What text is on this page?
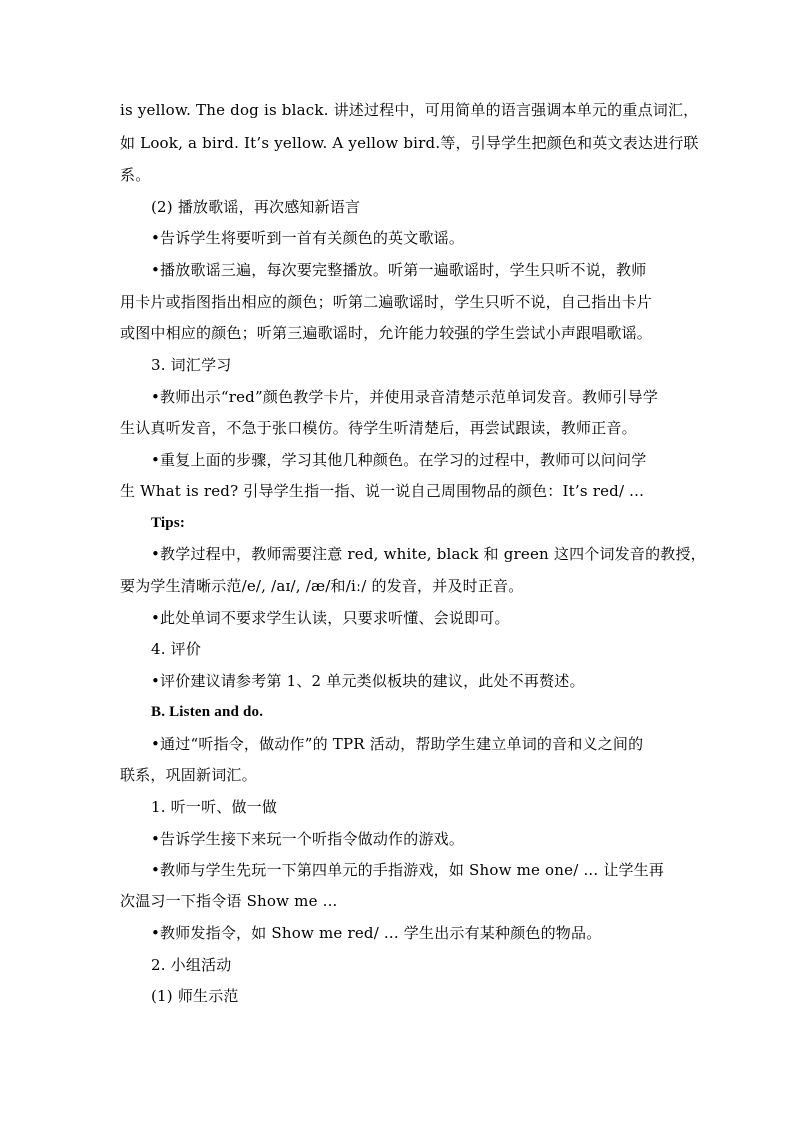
is yellow. The dog is black. 讲述过程中，可用简单的语言强调本单元的重点词汇，
如 Look, a bird. It’s yellow. A yellow bird.等，引导学生把颜色和英文表达进行联
系。
(2) 播放歌谣，再次感知新语言
•告诉学生将要听到一首有关颜色的英文歌谣。
•播放歌谣三遍，每次要完整播放。听第一遍歌谣时，学生只听不说，教师
用卡片或指图指出相应的颜色；听第二遍歌谣时，学生只听不说，自己指出卡片
或图中相应的颜色；听第三遍歌谣时，允许能力较强的学生尝试小声跟唱歌谣。
3. 词汇学习
•教师出示“red”颜色教学卡片，并使用录音清楚示范单词发音。教师引导学
生认真听发音，不急于张口模仿。待学生听清楚后，再尝试跟读，教师正音。
•重复上面的步骤，学习其他几种颜色。在学习的过程中，教师可以问问学
生 What is red? 引导学生指一指、说一说自己周围物品的颜色：It’s red/ ...
Tips:
•教学过程中，教师需要注意 red, white, black 和 green 这四个词发音的教授，
要为学生清晰示范/e/, /aɪ/, /æ/和/iː/ 的发音，并及时正音。
•此处单词不要求学生认读，只要求听懂、会说即可。
4. 评价
•评价建议请参考第 1、2 单元类似板块的建议，此处不再赘述。
B. Listen and do.
•通过“听指令，做动作”的 TPR 活动，帮助学生建立单词的音和义之间的
联系，巩固新词汇。
1. 听一听、做一做
•告诉学生接下来玩一个听指令做动作的游戏。
•教师与学生先玩一下第四单元的手指游戏，如 Show me one/ ... 让学生再
次温习一下指令语 Show me ...
•教师发指令，如 Show me red/ ... 学生出示有某种颜色的物品。
2. 小组活动
(1) 师生示范
